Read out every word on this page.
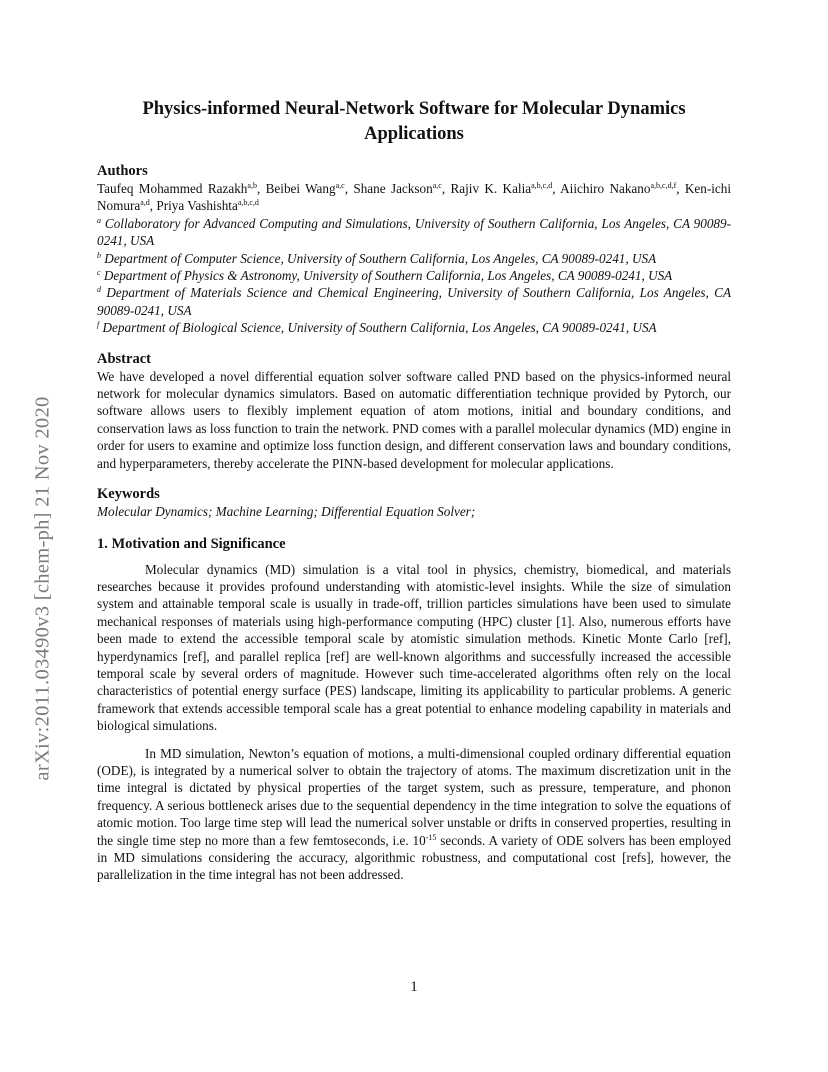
arXiv:2011.03490v3 [chem-ph] 21 Nov 2020
Physics-informed Neural-Network Software for Molecular Dynamics Applications
Authors

Taufeq Mohammed Razakh$^{a,b}$, Beibei Wang$^{a,c}$, Shane Jackson$^{a,c}$, Rajiv K. Kalia$^{a,b,c,d}$, Aiichiro Nakano$^{a,b,c,d,f}$, Ken-ichi Nomura$^{a,d}$, Priya Vashishta$^{a,b,c,d}$

$^a$ Collaboratory for Advanced Computing and Simulations, University of Southern California, Los Angeles, CA 90089-0241, USA

$^b$ Department of Computer Science, University of Southern California, Los Angeles, CA 90089-0241, USA

$^c$ Department of Physics & Astronomy, University of Southern California, Los Angeles, CA 90089-0241, USA

$^d$ Department of Materials Science and Chemical Engineering, University of Southern California, Los Angeles, CA 90089-0241, USA

$^f$ Department of Biological Science, University of Southern California, Los Angeles, CA 90089-0241, USA

Abstract

We have developed a novel differential equation solver software called PND based on the physics-informed neural network for molecular dynamics simulators. Based on automatic differentiation technique provided by Pytorch, our software allows users to flexibly implement equation of atom motions, initial and boundary conditions, and conservation laws as loss function to train the network. PND comes with a parallel molecular dynamics (MD) engine in order for users to examine and optimize loss function design, and different conservation laws and boundary conditions, and hyperparameters, thereby accelerate the PINN-based development for molecular applications.

Keywords

Molecular Dynamics; Machine Learning; Differential Equation Solver;

1. Motivation and Significance

Molecular dynamics (MD) simulation is a vital tool in physics, chemistry, biomedical, and materials researches because it provides profound understanding with atomistic-level insights. While the size of simulation system and attainable temporal scale is usually in trade-off, trillion particles simulations have been used to simulate mechanical responses of materials using high-performance computing (HPC) cluster [1]. Also, numerous efforts have been made to extend the accessible temporal scale by atomistic simulation methods. Kinetic Monte Carlo [ref], hyperdynamics [ref], and parallel replica [ref] are well-known algorithms and successfully increased the accessible temporal scale by several orders of magnitude. However such time-accelerated algorithms often rely on the local characteristics of potential energy surface (PES) landscape, limiting its applicability to particular problems. A generic framework that extends accessible temporal scale has a great potential to enhance modeling capability in materials and biological simulations.

In MD simulation, Newton’s equation of motions, a multi-dimensional coupled ordinary differential equation (ODE), is integrated by a numerical solver to obtain the trajectory of atoms. The maximum discretization unit in the time integral is dictated by physical properties of the target system, such as pressure, temperature, and phonon frequency. A serious bottleneck arises due to the sequential dependency in the time integration to solve the equations of atomic motion. Too large time step will lead the numerical solver unstable or drifts in conserved properties, resulting in the single time step no more than a few femtoseconds, i.e. $10^{-15}$ seconds. A variety of ODE solvers has been employed in MD simulations considering the accuracy, algorithmic robustness, and computational cost [refs], however, the parallelization in the time integral has not been addressed.

1
